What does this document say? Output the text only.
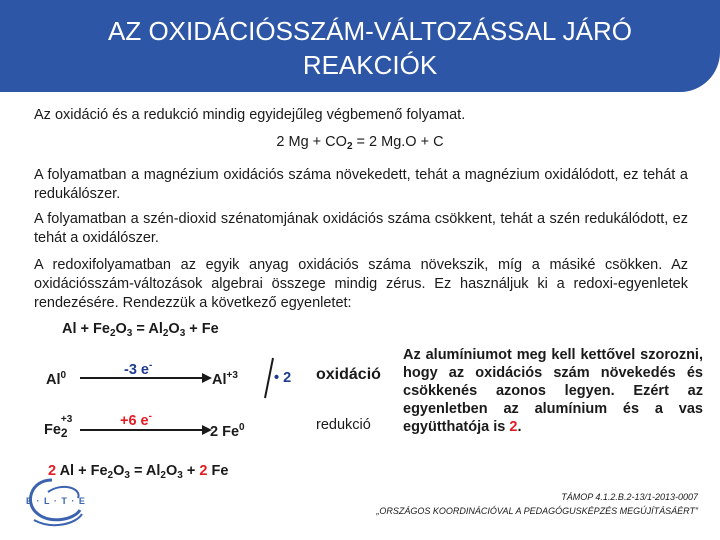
AZ OXIDÁCIÓSSZÁM-VÁLTOZÁSSAL JÁRÓ
REAKCIÓK
Az oxidáció és a redukció mindig egyidejűleg végbemenő folyamat.
2 $Mg + CO_2 = 2$ Mg.O + C
A folyamatban a magnézium oxidációs száma növekedett, tehát a magnézium oxidálódott, ez tehát a redukálószer.
A folyamatban a szén-dioxid szénatomjának oxidációs száma csökkent, tehát a szén redukálódott, ez tehát a oxidálószer.
A redoxifolyamatban az egyik anyag oxidációs száma növekszik, míg a másiké csökken. Az oxidációsszám-változások algebrai összege mindig zérus. Ez használjuk ki a redoxi-egyenletek rendezésére. Rendezzük a következő egyenletet:
$Al + Fe_2O_3 = Al_2O_3 + Fe$
Al$^0$	-3 e-
$Al^{+3}$ • 2
Fe
+3
$_2$
+6 e-
2 Fe$^0$
oxidáció
redukció
Az alumíniumot meg kell kettővel szorozni, hogy az oxidációs szám növekedés és csökkenés azonos legyen. Ezért az egyenletben az alumínium és a vas együtthatója is 2.
2 $Al + Fe_2O_3 = Al_2O_3 + 2$ Fe
E · L · T · E	TÁMOP 4.1.2.B.2-13/1-2013-0007
„ORSZÁGOS KOORDINÁCIÓVAL A PEDAGÓGUSKÉPZÉS MEGÚJÍTÁSÁÉRT”
